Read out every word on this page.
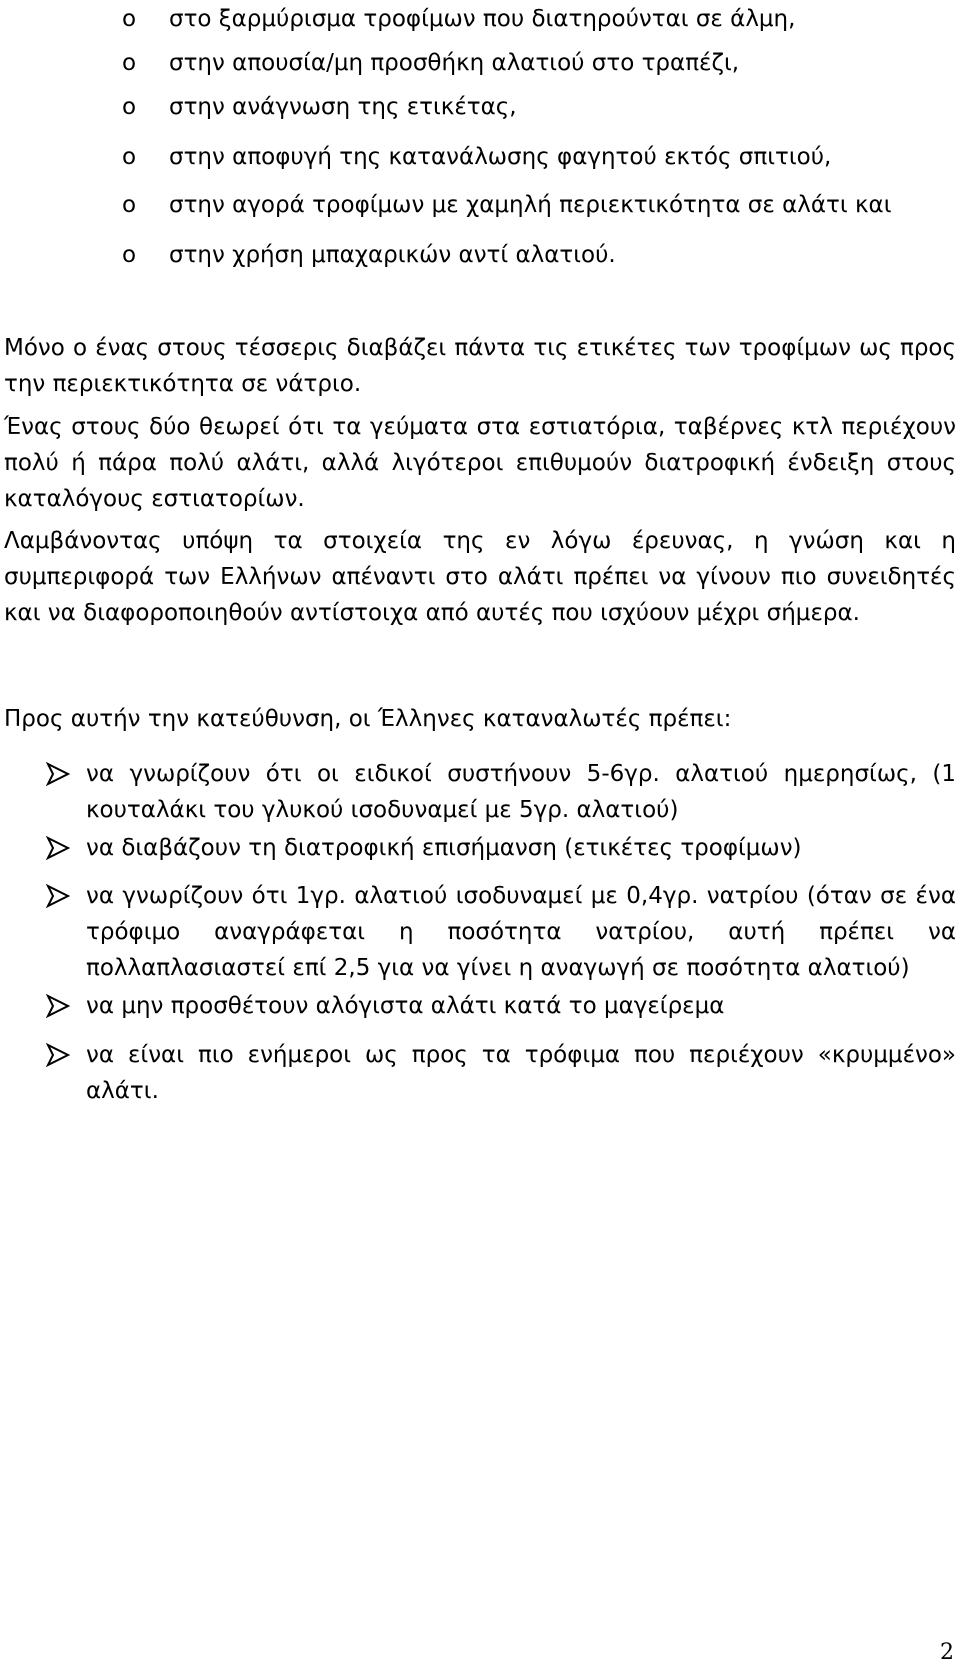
o στο ξαρμύρισμα τροφίμων που διατηρούνται σε άλμη,
o στην απουσία/μη προσθήκη αλατιού στο τραπέζι,
o στην ανάγνωση της ετικέτας,
o στην αποφυγή της κατανάλωσης φαγητού εκτός σπιτιού,
o στην αγορά τροφίμων με χαμηλή περιεκτικότητα σε αλάτι και
o στην χρήση μπαχαρικών αντί αλατιού.

Μόνο ο ένας στους τέσσερις διαβάζει πάντα τις ετικέτες των τροφίμων ως προς την περιεκτικότητα σε νάτριο.

Ένας στους δύο θεωρεί ότι τα γεύματα στα εστιατόρια, ταβέρνες κτλ περιέχουν πολύ ή πάρα πολύ αλάτι, αλλά λιγότεροι επιθυμούν διατροφική ένδειξη στους καταλόγους εστιατορίων.

Λαμβάνοντας υπόψη τα στοιχεία της εν λόγω έρευνας, η γνώση και η συμπεριφορά των Ελλήνων απέναντι στο αλάτι πρέπει να γίνουν πιο συνειδητές και να διαφοροποιηθούν αντίστοιχα από αυτές που ισχύουν μέχρι σήμερα.

Προς αυτήν την κατεύθυνση, οι Έλληνες καταναλωτές πρέπει:

να γνωρίζουν ότι οι ειδικοί συστήνουν 5-6γρ. αλατιού ημερησίως, (1 κουταλάκι του γλυκού ισοδυναμεί με 5γρ. αλατιού)

να διαβάζουν τη διατροφική επισήμανση (ετικέτες τροφίμων)

να γνωρίζουν ότι 1γρ. αλατιού ισοδυναμεί με 0,4γρ. νατρίου (όταν σε ένα τρόφιμο αναγράφεται η ποσότητα νατρίου, αυτή πρέπει να πολλαπλασιαστεί επί 2,5 για να γίνει η αναγωγή σε ποσότητα αλατιού)

να μην προσθέτουν αλόγιστα αλάτι κατά το μαγείρεμα

να είναι πιο ενήμεροι ως προς τα τρόφιμα που περιέχουν «κρυμμένο» αλάτι.

2
